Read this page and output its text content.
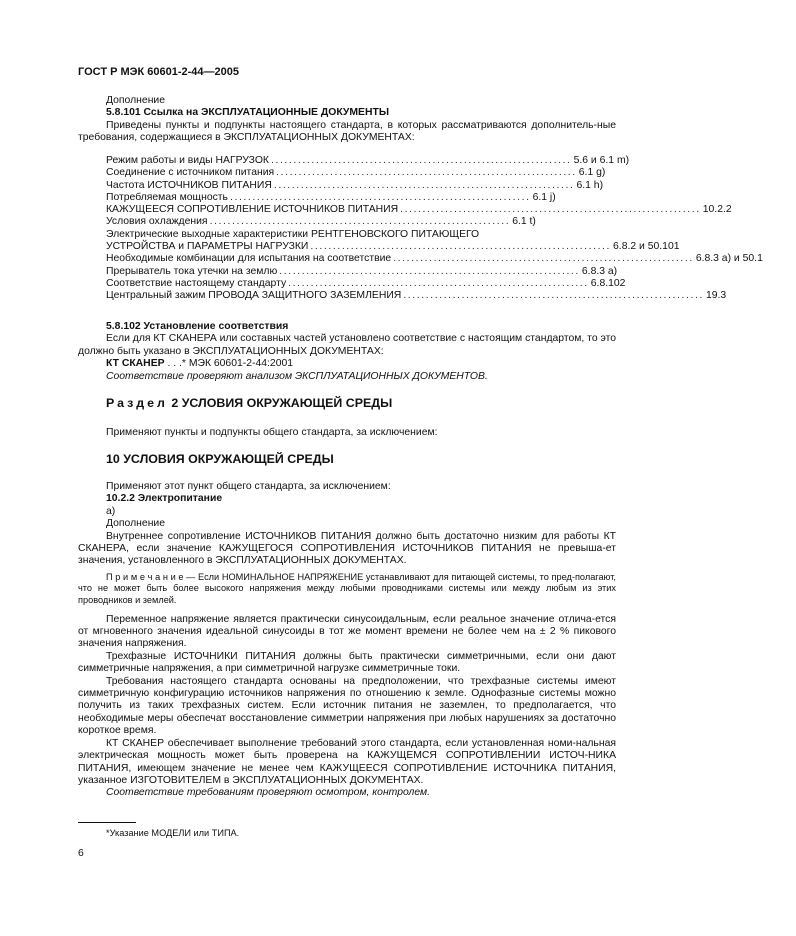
ГОСТ Р МЭК 60601-2-44—2005

Дополнение

5.8.101 Ссылка на ЭКСПЛУАТАЦИОННЫЕ ДОКУМЕНТЫ

Приведены пункты и подпункты настоящего стандарта, в которых рассматриваются дополнитель-ные требования, содержащиеся в ЭКСПЛУАТАЦИОННЫХ ДОКУМЕНТАХ:

Режим работы и виды НАГРУЗОК ................................................................... 5.6 и 6.1 m)
Соединение с источником питания ................................................................... 6.1 g)
Частота ИСТОЧНИКОВ ПИТАНИЯ ................................................................... 6.1 h)
Потребляемая мощность ................................................................... 6.1 j)
КАЖУЩЕЕСЯ СОПРОТИВЛЕНИЕ ИСТОЧНИКОВ ПИТАНИЯ ................................................................... 10.2.2
Условия охлаждения ................................................................... 6.1 t)
Электрические выходные характеристики РЕНТГЕНОВСКОГО ПИТАЮЩЕГО
УСТРОЙСТВА и ПАРАМЕТРЫ НАГРУЗКИ ................................................................... 6.8.2 и 50.101
Необходимые комбинации для испытания на соответствие ................................................................... 6.8.3 а) и 50.1
Прерыватель тока утечки на землю ................................................................... 6.8.3 а)
Соответствие настоящему стандарту ................................................................... 6.8.102
Центральный зажим ПРОВОДА ЗАЩИТНОГО ЗАЗЕМЛЕНИЯ ................................................................... 19.3

5.8.102 Установление соответствия

Если для КТ СКАНЕРА или составных частей установлено соответствие с настоящим стандартом, то это должно быть указано в ЭКСПЛУАТАЦИОННЫХ ДОКУМЕНТАХ:

КТ СКАНЕР . . .* МЭК 60601-2-44:2001

Соответствие проверяют анализом ЭКСПЛУАТАЦИОННЫХ ДОКУМЕНТОВ.

Раздел 2 УСЛОВИЯ ОКРУЖАЮЩЕЙ СРЕДЫ

Применяют пункты и подпункты общего стандарта, за исключением:

10 УСЛОВИЯ ОКРУЖАЮЩЕЙ СРЕДЫ

Применяют этот пункт общего стандарта, за исключением:

10.2.2 Электропитание

а)

Дополнение

Внутреннее сопротивление ИСТОЧНИКОВ ПИТАНИЯ должно быть достаточно низким для работы КТ СКАНЕРА, если значение КАЖУЩЕГОСЯ СОПРОТИВЛЕНИЯ ИСТОЧНИКОВ ПИТАНИЯ не превыша-ет значения, установленного в ЭКСПЛУАТАЦИОННЫХ ДОКУМЕНТАХ.

П р и м е ч а н и е — Если НОМИНАЛЬНОЕ НАПРЯЖЕНИЕ устанавливают для питающей системы, то пред-полагают, что не может быть более высокого напряжения между любыми проводниками системы или между любым из этих проводников и землей.

Переменное напряжение является практически синусоидальным, если реальное значение отлича-ется от мгновенного значения идеальной синусоиды в тот же момент времени не более чем на ± 2 % пикового значения напряжения.

Трехфазные ИСТОЧНИКИ ПИТАНИЯ должны быть практически симметричными, если они дают симметричные напряжения, а при симметричной нагрузке симметричные токи.

Требования настоящего стандарта основаны на предположении, что трехфазные системы имеют симметричную конфигурацию источников напряжения по отношению к земле. Однофазные системы можно получить из таких трехфазных систем. Если источник питания не заземлен, то предполагается, что необходимые меры обеспечат восстановление симметрии напряжения при любых нарушениях за достаточно короткое время.

КТ СКАНЕР обеспечивает выполнение требований этого стандарта, если установленная номи-нальная электрическая мощность может быть проверена на КАЖУЩЕМСЯ СОПРОТИВЛЕНИИ ИСТОЧ-НИКА ПИТАНИЯ, имеющем значение не менее чем КАЖУЩЕЕСЯ СОПРОТИВЛЕНИЕ ИСТОЧНИКА ПИТАНИЯ, указанное ИЗГОТОВИТЕЛЕМ в ЭКСПЛУАТАЦИОННЫХ ДОКУМЕНТАХ.

Соответствие требованиям проверяют осмотром, контролем.

*Указание МОДЕЛИ или ТИПА.
6
